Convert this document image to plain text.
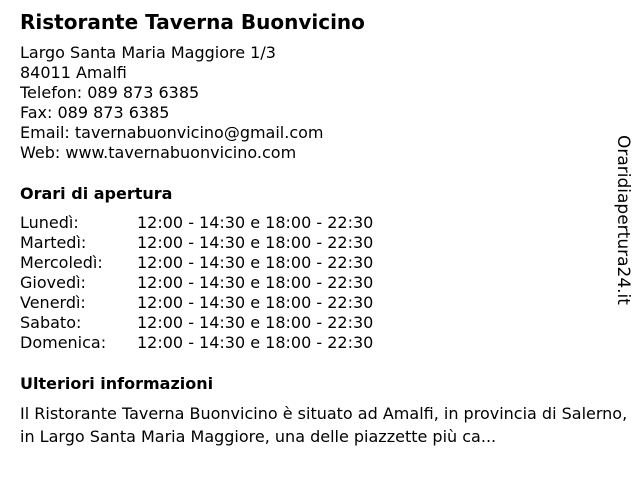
Ristorante Taverna Buonvicino
Largo Santa Maria Maggiore 1/3
84011 Amalfi
Telefon: 089 873 6385
Fax: 089 873 6385
Email: tavernabuonvicino@gmail.com
Web: www.tavernabuonvicino.com
Orari di apertura
Lunedì:	12:00 - 14:30 e 18:00 - 22:30
Martedì:	12:00 - 14:30 e 18:00 - 22:30
Mercoledì: 12:00 - 14:30 e 18:00 - 22:30
Giovedì:	12:00 - 14:30 e 18:00 - 22:30
Venerdì:	12:00 - 14:30 e 18:00 - 22:30
Sabato:	12:00 - 14:30 e 18:00 - 22:30
Domenica: 12:00 - 14:30 e 18:00 - 22:30
Ulteriori informazioni
Il Ristorante Taverna Buonvicino è situato ad Amalfi, in provincia di Salerno, in Largo Santa Maria Maggiore, una delle piazzette più ca...
Oraridiapertura24.it
